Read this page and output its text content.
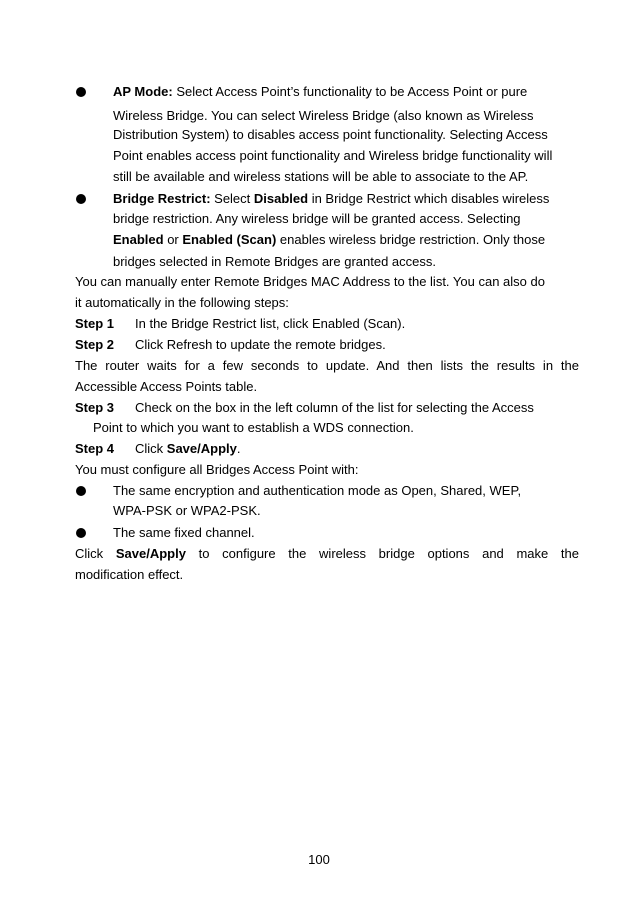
AP Mode: Select Access Point’s functionality to be Access Point or pure
Wireless Bridge. You can select Wireless Bridge (also known as Wireless
Distribution System) to disables access point functionality. Selecting Access
Point enables access point functionality and Wireless bridge functionality will
still be available and wireless stations will be able to associate to the AP.
Bridge Restrict: Select Disabled in Bridge Restrict which disables wireless
bridge restriction. Any wireless bridge will be granted access. Selecting
Enabled or Enabled (Scan) enables wireless bridge restriction. Only those
bridges selected in Remote Bridges are granted access.
You can manually enter Remote Bridges MAC Address to the list. You can also do
it automatically in the following steps:
Step 1 In the Bridge Restrict list, click Enabled (Scan).
Step 2 Click Refresh to update the remote bridges.
The router waits for a few seconds to update. And then lists the results in the
Accessible Access Points table.
Step 3 Check on the box in the left column of the list for selecting the Access
Point to which you want to establish a WDS connection.
Step 4 Click Save/Apply.
You must configure all Bridges Access Point with:
The same encryption and authentication mode as Open, Shared, WEP,
WPA-PSK or WPA2-PSK.
The same fixed channel.
Click Save/Apply to configure the wireless bridge options and make the
modification effect.
100
